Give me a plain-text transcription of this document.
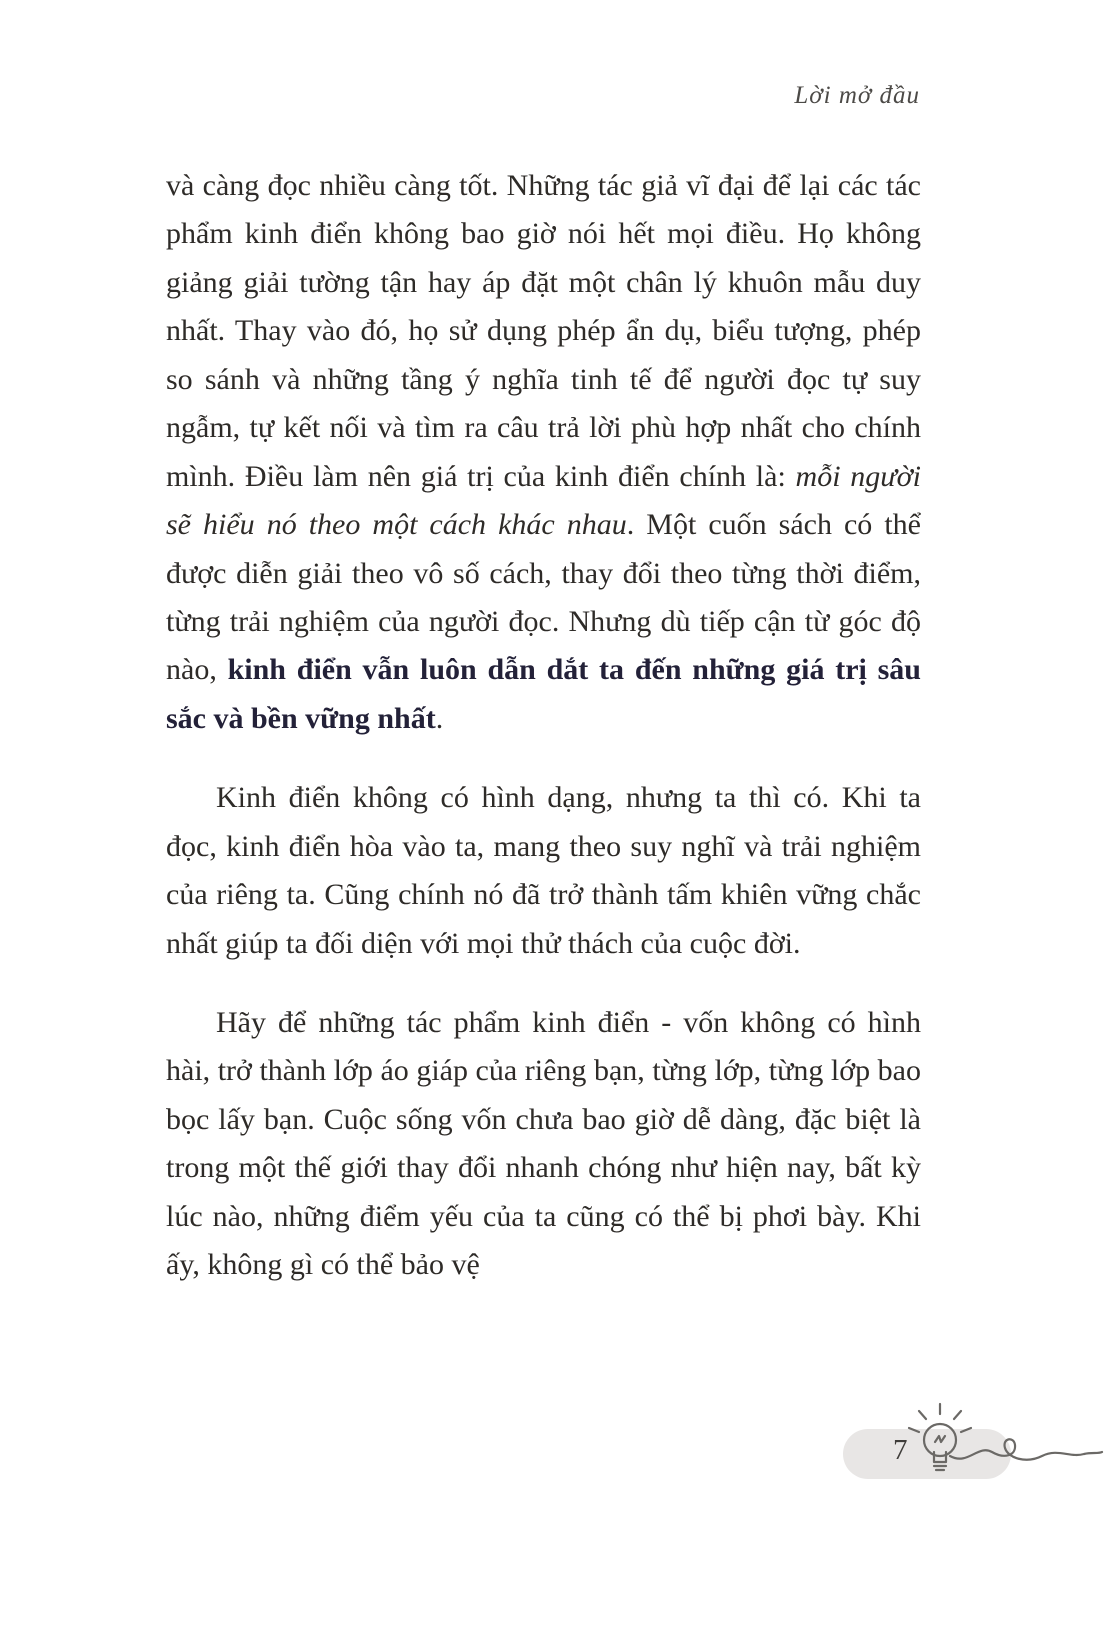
Lời mở đầu

và càng đọc nhiều càng tốt. Những tác giả vĩ đại để lại các tác phẩm kinh điển không bao giờ nói hết mọi điều. Họ không giảng giải tường tận hay áp đặt một chân lý khuôn mẫu duy nhất. Thay vào đó, họ sử dụng phép ẩn dụ, biểu tượng, phép so sánh và những tầng ý nghĩa tinh tế để người đọc tự suy ngẫm, tự kết nối và tìm ra câu trả lời phù hợp nhất cho chính mình. Điều làm nên giá trị của kinh điển chính là: mỗi người sẽ hiểu nó theo một cách khác nhau. Một cuốn sách có thể được diễn giải theo vô số cách, thay đổi theo từng thời điểm, từng trải nghiệm của người đọc. Nhưng dù tiếp cận từ góc độ nào, kinh điển vẫn luôn dẫn dắt ta đến những giá trị sâu sắc và bền vững nhất.

Kinh điển không có hình dạng, nhưng ta thì có. Khi ta đọc, kinh điển hòa vào ta, mang theo suy nghĩ và trải nghiệm của riêng ta. Cũng chính nó đã trở thành tấm khiên vững chắc nhất giúp ta đối diện với mọi thử thách của cuộc đời.

Hãy để những tác phẩm kinh điển - vốn không có hình hài, trở thành lớp áo giáp của riêng bạn, từng lớp, từng lớp bao bọc lấy bạn. Cuộc sống vốn chưa bao giờ dễ dàng, đặc biệt là trong một thế giới thay đổi nhanh chóng như hiện nay, bất kỳ lúc nào, những điểm yếu của ta cũng có thể bị phơi bày. Khi ấy, không gì có thể bảo vệ

7
